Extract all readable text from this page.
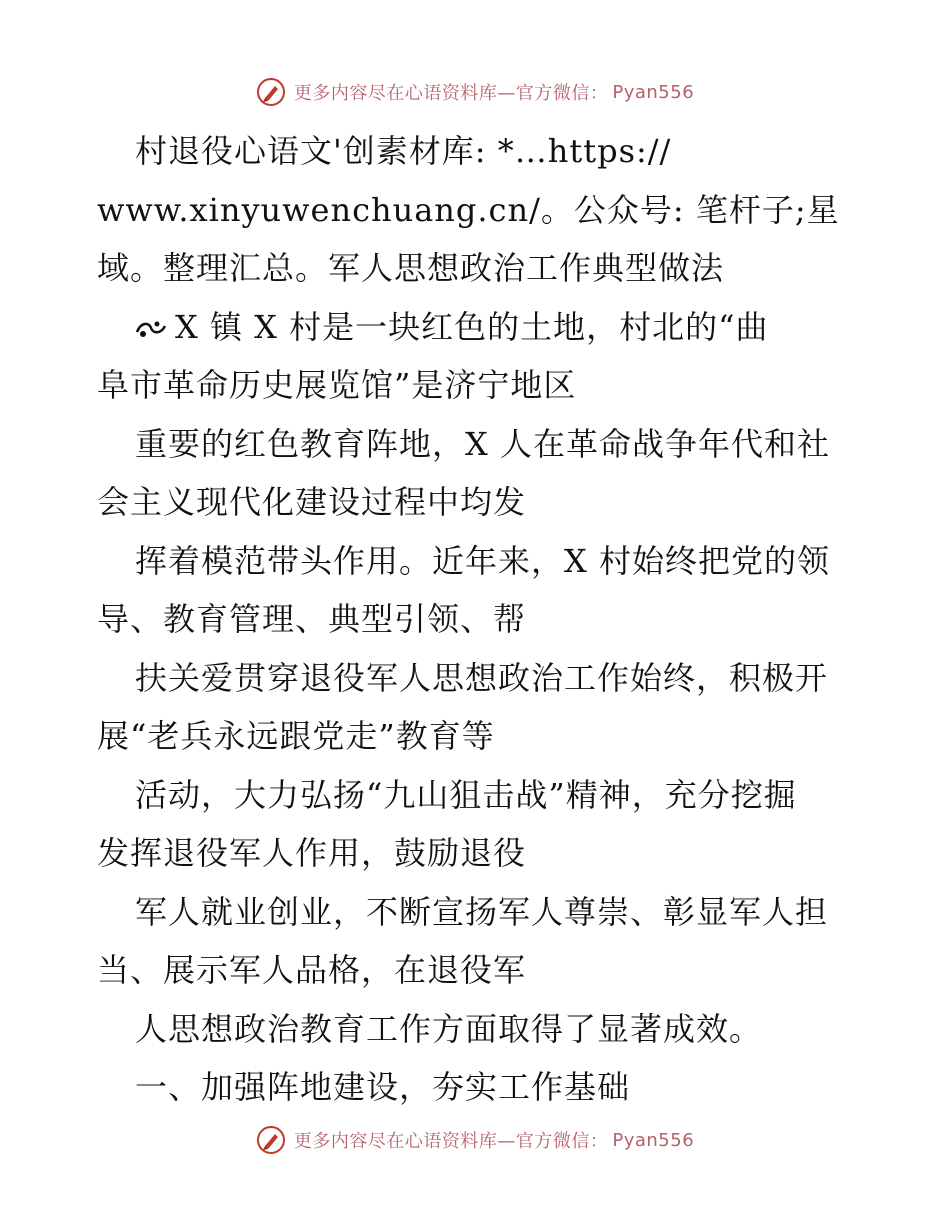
更多内容尽在心语资料库—官方微信： Pyan556
村退役心语文'创素材库: *…https://
www.xinyuwenchuang.cn/。公众号: 笔杆子;星
域。整理汇总。军人思想政治工作典型做法
X 镇 X 村是一块红色的土地，村北的“曲
阜市革命历史展览馆”是济宁地区
重要的红色教育阵地，X 人在革命战争年代和社
会主义现代化建设过程中均发
挥着模范带头作用。近年来，X 村始终把党的领
导、教育管理、典型引领、帮
扶关爱贯穿退役军人思想政治工作始终，积极开
展“老兵永远跟党走”教育等
活动，大力弘扬“九山狙击战”精神，充分挖掘
发挥退役军人作用，鼓励退役
军人就业创业，不断宣扬军人尊崇、彰显军人担
当、展示军人品格，在退役军
人思想政治教育工作方面取得了显著成效。
一、加强阵地建设，夯实工作基础
更多内容尽在心语资料库—官方微信： Pyan556
